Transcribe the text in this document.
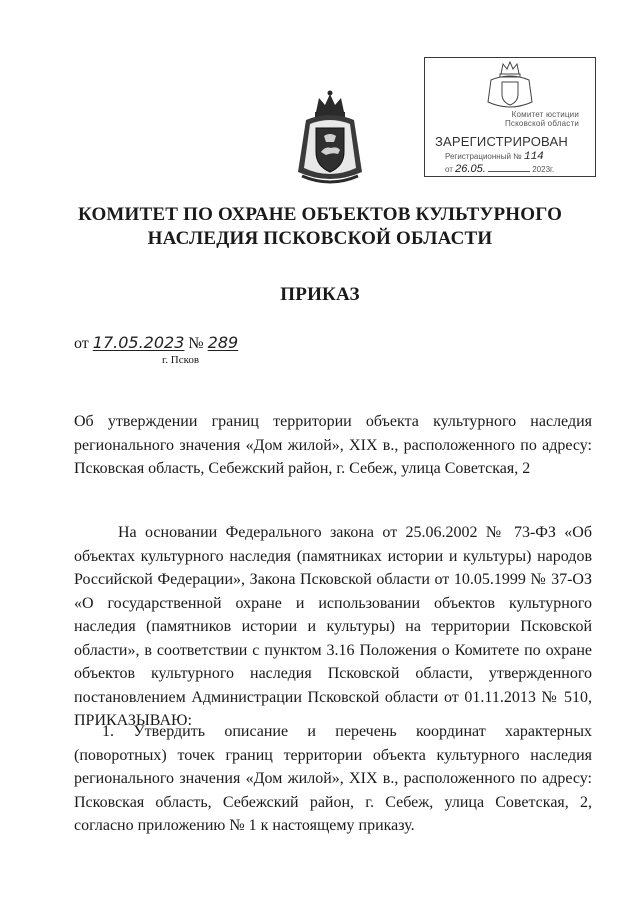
Комитет юстиции
Псковской области
ЗАРЕГИСТРИРОВАН
Регистрационный № 114
от 26.05.	2023г.
КОМИТЕТ ПО ОХРАНЕ ОБЪЕКТОВ КУЛЬТУРНОГО
НАСЛЕДИЯ ПСКОВСКОЙ ОБЛАСТИ
ПРИКАЗ
от 17.05.2023 № 289
г. Псков
Об утверждении границ территории объекта культурного наследия регионального значения «Дом жилой», XIX в., расположенного по адресу: Псковская область, Себежский район, г. Себеж, улица Советская, 2
На основании Федерального закона от 25.06.2002 № 73-ФЗ «Об объектах культурного наследия (памятниках истории и культуры) народов Российской Федерации», Закона Псковской области от 10.05.1999 № 37-ОЗ «О государственной охране и использовании объектов культурного наследия (памятников истории и культуры) на территории Псковской области», в соответствии с пунктом 3.16 Положения о Комитете по охране объектов культурного наследия Псковской области, утвержденного постановлением Администрации Псковской области от 01.11.2013 № 510, ПРИКАЗЫВАЮ:
1. Утвердить описание и перечень координат характерных (поворотных) точек границ территории объекта культурного наследия регионального значения «Дом жилой», XIX в., расположенного по адресу: Псковская область, Себежский район, г. Себеж, улица Советская, 2, согласно приложению № 1 к настоящему приказу.
